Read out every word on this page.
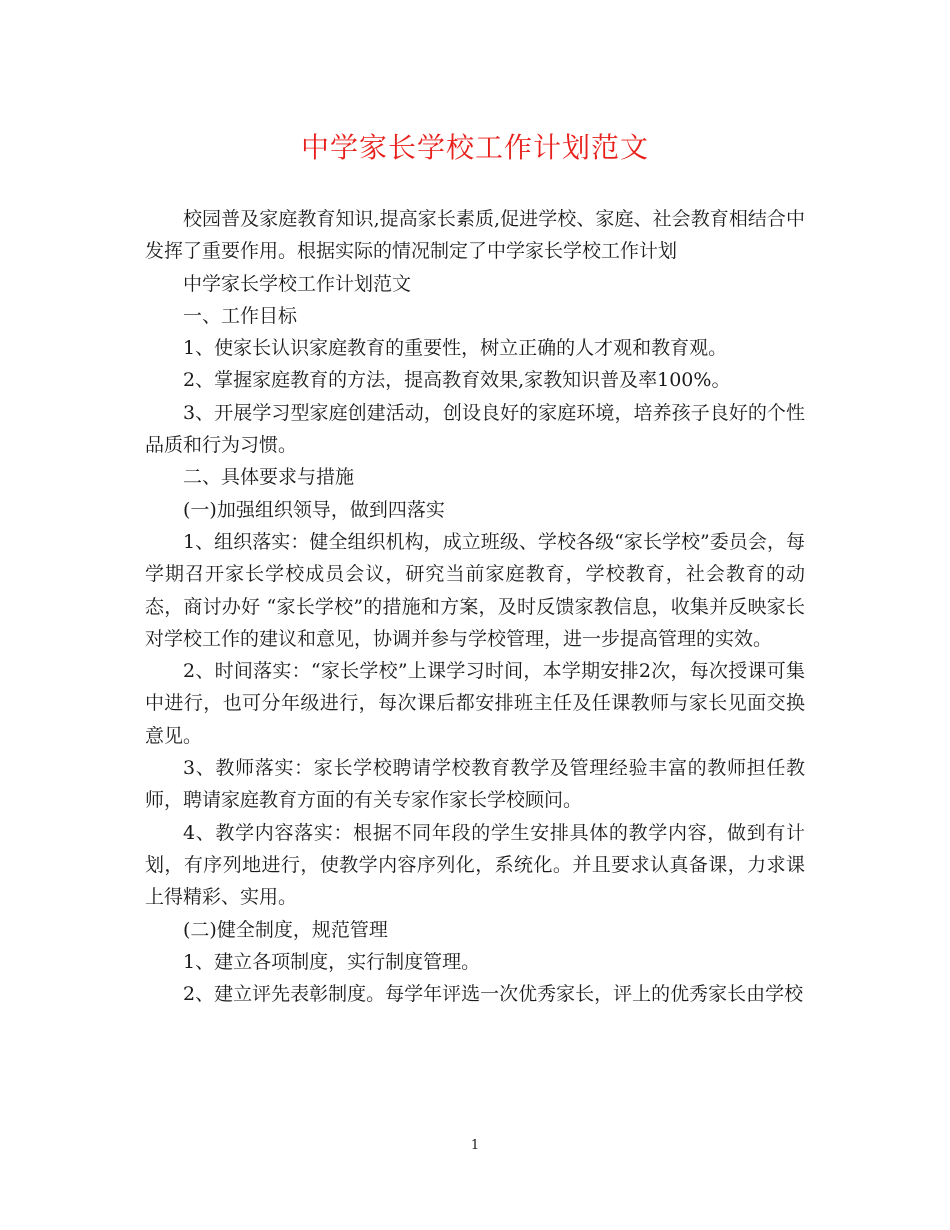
中学家长学校工作计划范文

校园普及家庭教育知识,提高家长素质,促进学校、家庭、社会教育相结合中发挥了重要作用。根据实际的情况制定了中学家长学校工作计划

中学家长学校工作计划范文

一、工作目标

1、使家长认识家庭教育的重要性，树立正确的人才观和教育观。

2、掌握家庭教育的方法，提高教育效果,家教知识普及率100%。

3、开展学习型家庭创建活动，创设良好的家庭环境，培养孩子良好的个性品质和行为习惯。

二、具体要求与措施

(一)加强组织领导，做到四落实

1、组织落实：健全组织机构，成立班级、学校各级“家长学校”委员会，每学期召开家长学校成员会议，研究当前家庭教育，学校教育，社会教育的动态，商讨办好 “家长学校”的措施和方案，及时反馈家教信息，收集并反映家长对学校工作的建议和意见，协调并参与学校管理，进一步提高管理的实效。

2、时间落实：“家长学校”上课学习时间，本学期安排2次，每次授课可集中进行，也可分年级进行，每次课后都安排班主任及任课教师与家长见面交换意见。

3、教师落实：家长学校聘请学校教育教学及管理经验丰富的教师担任教师，聘请家庭教育方面的有关专家作家长学校顾问。

4、教学内容落实：根据不同年段的学生安排具体的教学内容，做到有计划，有序列地进行，使教学内容序列化，系统化。并且要求认真备课，力求课上得精彩、实用。

(二)健全制度，规范管理

1、建立各项制度，实行制度管理。

2、建立评先表彰制度。每学年评选一次优秀家长，评上的优秀家长由学校

1
